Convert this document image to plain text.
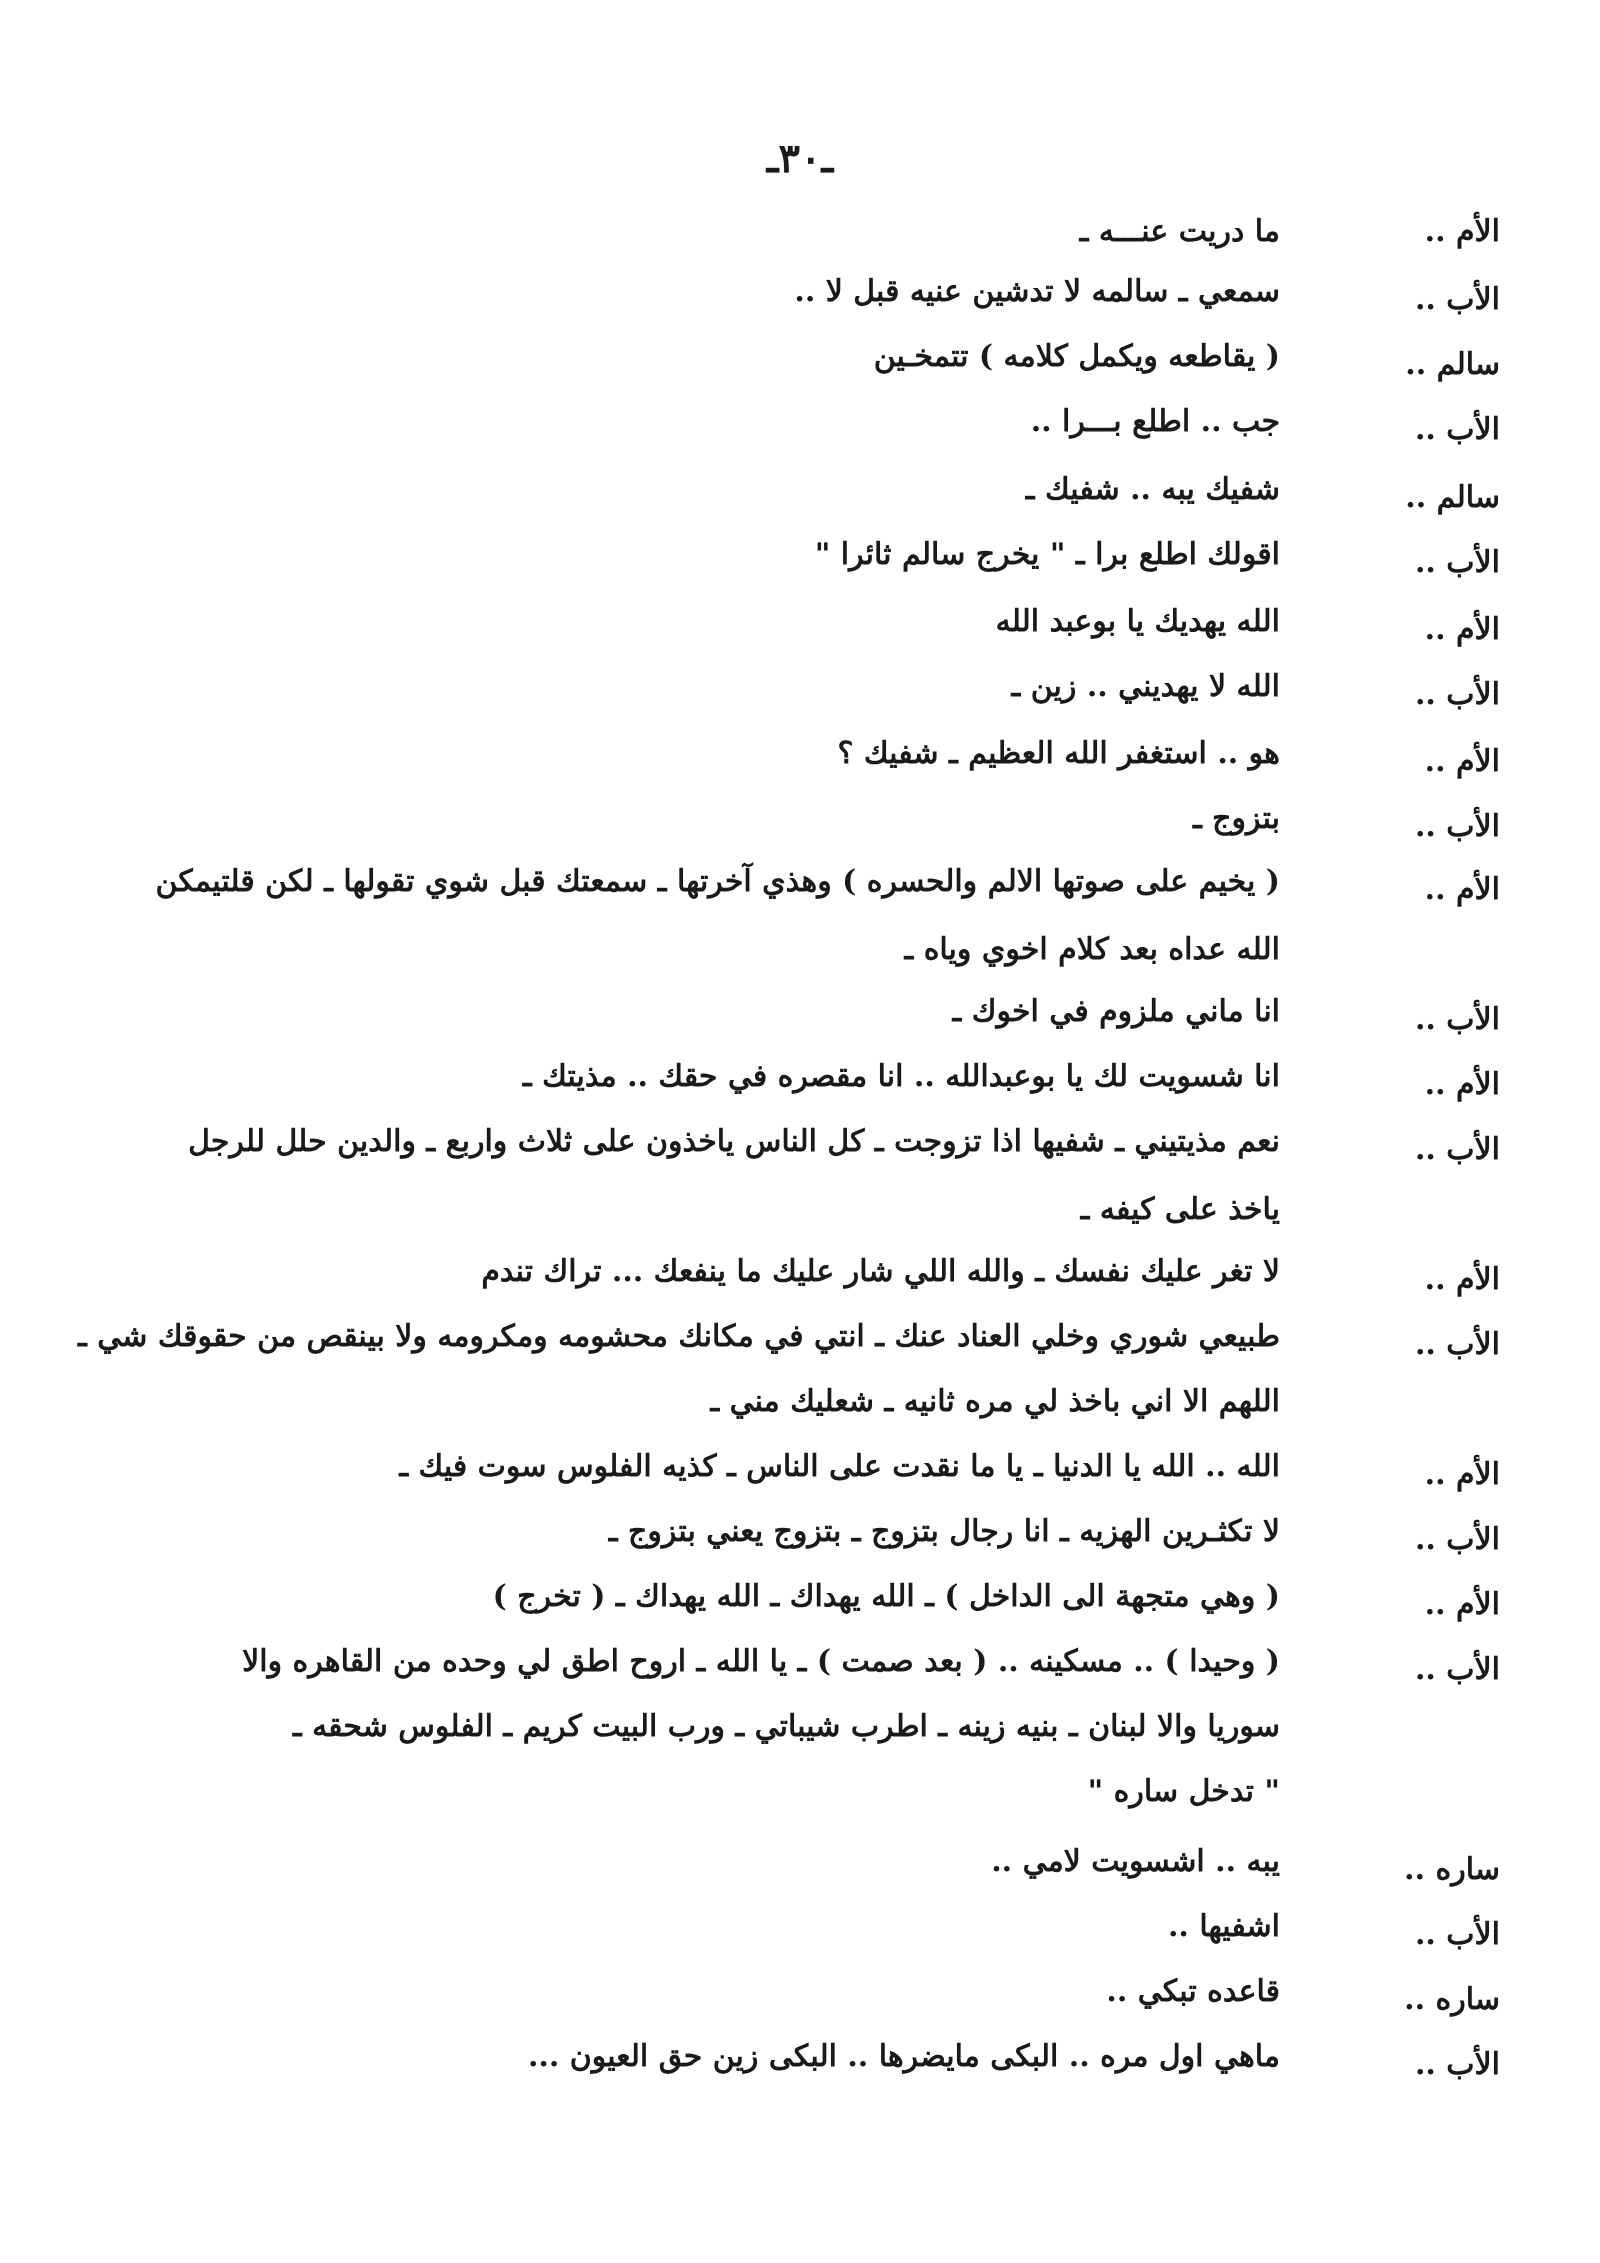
ـ٣٠ـ
الأم ..
ما دريت عنـــه ـ
الأب ..
سمعي ـ سالمه لا تدشين عنيه قبل لا ..
سالم ..
( يقاطعه ويكمل كلامه ) تتمخـين
الأب ..
جب .. اطلع بـــرا ..
سالم ..
شفيك يبه .. شفيك ـ
الأب ..
اقولك اطلع برا ـ " يخرج سالم ثائرا "
الأم ..
الله يهديك يا بوعبد الله
الأب ..
الله لا يهديني .. زين ـ
الأم ..
هو .. استغفر الله العظيم ـ شفيك ؟
الأب ..
بتزوج ـ
الأم ..
( يخيم على صوتها الالم والحسره ) وهذي آخرتها ـ سمعتك قبل شوي تقولها ـ لكن قلتيمكن
الله عداه بعد كلام اخوي وياه ـ
الأب ..
انا ماني ملزوم في اخوك ـ
الأم ..
انا شسويت لك يا بوعبدالله .. انا مقصره في حقك .. مذيتك ـ
الأب ..
نعم مذيتيني ـ شفيها اذا تزوجت ـ كل الناس ياخذون على ثلاث واربع ـ والدين حلل للرجل
ياخذ على كيفه ـ
الأم ..
لا تغر عليك نفسك ـ والله اللي شار عليك ما ينفعك ... تراك تندم
الأب ..
طبيعي شوري وخلي العناد عنك ـ انتي في مكانك محشومه ومكرومه ولا بينقص من حقوقك شي ـ
اللهم الا اني باخذ لي مره ثانيه ـ شعليك مني ـ
الأم ..
الله .. الله يا الدنيا ـ يا ما نقدت على الناس ـ كذيه الفلوس سوت فيك ـ
الأب ..
لا تكثـرين الهزيه ـ انا رجال بتزوج ـ بتزوج يعني بتزوج ـ
الأم ..
( وهي متجهة الى الداخل ) ـ الله يهداك ـ الله يهداك ـ ( تخرج )
الأب ..
( وحيدا ) .. مسكينه .. ( بعد صمت ) ـ يا الله ـ اروح اطق لي وحده من القاهره والا
سوريا والا لبنان ـ بنيه زينه ـ اطرب شيباتي ـ ورب البيت كريم ـ الفلوس شحقه ـ
" تدخل ساره "
ساره ..
يبه .. اشسويت لامي ..
الأب ..
اشفيها ..
ساره ..
قاعده تبكي ..
الأب ..
ماهي اول مره .. البكى مايضرها .. البكى زين حق العيون ...
